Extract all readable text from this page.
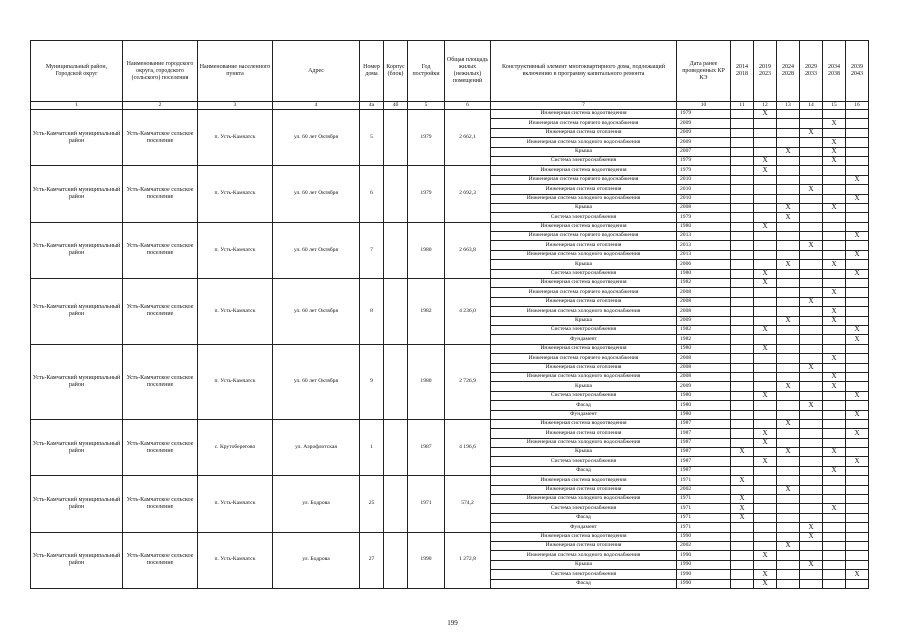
Муниципальный район, Городской округ	Наименование городского округа, городского (сельского) поселения	Наименование населенного пункта	Адрес	Номер дома	Корпус (блок)	Год постройки	Общая площадь жилых (нежилых) помещений	Конструктивный элемент многоквартирного дома, подлежащий включению в программу капитального ремонта	Дата ранее проведенных КР КЭ	2014 2018	2019 2023	2024 2028	2029 2033	2034 2038	2039 2043
1	2	3	4	4а	4б	5	6	7	10	11	12	13	14	15	16
Усть-Камчатский муниципальный район	Усть-Камчатское сельское поселение	п. Усть-Камчатск	ул. 60 лет Октября	5		1979	2 662,1	Инженерная система водоотведения	1979		X				
								Инженерная система горячего водоснабжения	2009					X	
								Инженерная система отопления	2009				X		
								Инженерная система холодного водоснабжения	2009					X	
								Крыша	2007			X		X	
								Система электроснабжения	1979		X			X	
Усть-Камчатский муниципальный район	Усть-Камчатское сельское поселение	п. Усть-Камчатск	ул. 60 лет Октября	6		1979	2 692,3	Инженерная система водоотведения	1979		X				
								Инженерная система горячего водоснабжения	2010						X
								Инженерная система отопления	2010				X		
								Инженерная система холодного водоснабжения	2010						X
								Крыша	2008			X		X	
								Система электроснабжения	1979			X			
Усть-Камчатский муниципальный район	Усть-Камчатское сельское поселение	п. Усть-Камчатск	ул. 60 лет Октября	7		1980	2 663,8	Инженерная система водоотведения	1980		X				
								Инженерная система горячего водоснабжения	2013						X
								Инженерная система отопления	2013				X		
								Инженерная система холодного водоснабжения	2013						X
								Крыша	2006			X		X	
								Система электроснабжения	1980		X				X
Усть-Камчатский муниципальный район	Усть-Камчатское сельское поселение	п. Усть-Камчатск	ул. 60 лет Октября	8		1982	4 236,0	Инженерная система водоотведения	1982		X				
								Инженерная система горячего водоснабжения	2008					X	
								Инженерная система отопления	2008				X		
								Инженерная система холодного водоснабжения	2008					X	
								Крыша	2009			X		X	
								Система электроснабжения	1982		X				X
								Фундамент	1982						X
Усть-Камчатский муниципальный район	Усть-Камчатское сельское поселение	п. Усть-Камчатск	ул. 60 лет Октября	9		1980	2 726,9	Инженерная система водоотведения	1980		X				
								Инженерная система горячего водоснабжения	2008					X	
								Инженерная система отопления	2008				X		
								Инженерная система холодного водоснабжения	2008					X	
								Крыша	2009			X		X	
								Система электроснабжения	1980		X				X
								Фасад	1980				X		
								Фундамент	1980						X
Усть-Камчатский муниципальный район	Усть-Камчатское сельское поселение	с. Крутоберегово	ул. Аэрофлотская	1		1987	4 196,6	Инженерная система водоотведения	1987			X			
								Инженерная система отопления	1987		X				X
								Инженерная система холодного водоснабжения	1987		X				
								Крыша	1987	X		X		X	
								Система электроснабжения	1987		X				X
								Фасад	1987					X	
Усть-Камчатский муниципальный район	Усть-Камчатское сельское поселение	п. Усть-Камчатск	ул. Бодрова	25		1971	574,2	Инженерная система водоотведения	1971	X					
								Инженерная система отопления	2002			X			
								Инженерная система холодного водоснабжения	1971	X					
								Система электроснабжения	1971	X				X	
								Фасад	1971	X					
								Фундамент	1971				X		
Усть-Камчатский муниципальный район	Усть-Камчатское сельское поселение	п. Усть-Камчатск	ул. Бодрова	27		1990	1 272,8	Инженерная система водоотведения	1990				X		
								Инженерная система отопления	2002			X			
								Инженерная система холодного водоснабжения	1990		X				
								Крыша	1990				X		
								Система электроснабжения	1990		X				X
								Фасад	1990		X				
199
